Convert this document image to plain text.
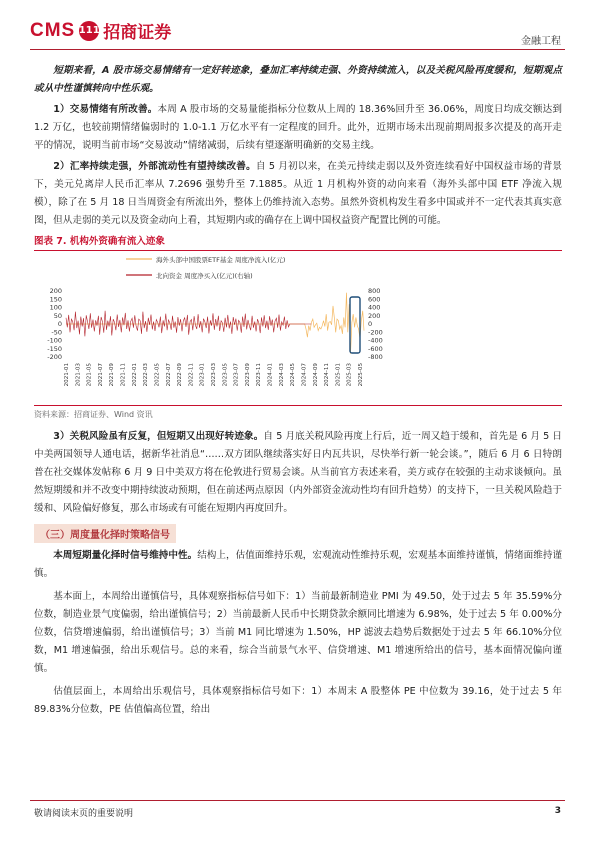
CMS 111 招商证券	金融工程

短期来看，A 股市场交易情绪有一定好转迹象，叠加汇率持续走强、外资持续流入，以及关税风险再度缓和，短期观点或从中性谨慎转向中性乐观。

1）交易情绪有所改善。本周 A 股市场的交易量能指标分位数从上周的 18.36%回升至 36.06%，周度日均成交额达到 1.2 万亿，也较前期情绪偏弱时的 1.0-1.1 万亿水平有一定程度的回升。此外，近期市场未出现前期周报多次提及的高开走平的情况，说明当前市场“交易波动”情绪减弱，后续有望逐渐明确新的交易主线。

2）汇率持续走强，外部流动性有望持续改善。自 5 月初以来，在美元持续走弱以及外资连续看好中国权益市场的背景下，美元兑离岸人民币汇率从 7.2696 强势升至 7.1885。从近 1 月机构外资的动向来看（海外头部中国 ETF 净流入规模），除了在 5 月 18 日当周资金有所流出外，整体上仍维持流入态势。虽然外资机构发生看多中国或并不一定代表其真实意图，但从走弱的美元以及资金动向上看，其短期内或的确存在上调中国权益资产配置比例的可能。

图表 7. 机构外资确有流入迹象
海外头部中国股票ETF基金 周度净流入(亿元)
北向资金 周度净买入(亿元)(右轴)
200
150
100
50
0
-50
-100
-150
-200
800
600
400
200
0
-200
-400
-600
-800
2021-01 2021-03 2021-05 2021-07 2021-09 2021-11 2022-01 2022-03 2022-05 2022-07 2022-09 2022-11 2023-01 2023-03 2023-05 2023-07 2023-09 2023-11 2024-01 2024-03 2024-05 2024-07 2024-09 2024-11 2025-01 2025-03 2025-05
资料来源：招商证券、Wind 资讯

3）关税风险虽有反复，但短期又出现好转迹象。自 5 月底关税风险再度上行后，近一周又趋于缓和，首先是 6 月 5 日中美两国领导人通电话，据新华社消息“……双方团队继续落实好日内瓦共识，尽快举行新一轮会谈。”，随后 6 月 6 日特朗普在社交媒体发帖称 6 月 9 日中美双方将在伦敦进行贸易会谈。从当前官方表述来看，美方或存在较强的主动求谈倾向。虽然短期缓和并不改变中期持续波动预期，但在前述两点原因（内外部资金流动性均有回升趋势）的支持下，一旦关税风险趋于缓和、风险偏好修复，那么市场或有可能在短期内再度回升。

（三）周度量化择时策略信号

本周短期量化择时信号维持中性。结构上，估值面维持乐观，宏观流动性维持乐观，宏观基本面维持谨慎，情绪面维持谨慎。

基本面上，本周给出谨慎信号，具体观察指标信号如下：1）当前最新制造业 PMI 为 49.50，处于过去 5 年 35.59%分位数，制造业景气度偏弱，给出谨慎信号；2）当前最新人民币中长期贷款余额同比增速为 6.98%，处于过去 5 年 0.00%分位数，信贷增速偏弱，给出谨慎信号；3）当前 M1 同比增速为 1.50%，HP 滤波去趋势后数据处于过去 5 年 66.10%分位数，M1 增速偏强，给出乐观信号。总的来看，综合当前景气水平、信贷增速、M1 增速所给出的信号，基本面情况偏向谨慎。

估值层面上，本周给出乐观信号，具体观察指标信号如下：1）本周末 A 股整体 PE 中位数为 39.16，处于过去 5 年 89.83%分位数，PE 估值偏高位置，给出

敬请阅读末页的重要说明	3
